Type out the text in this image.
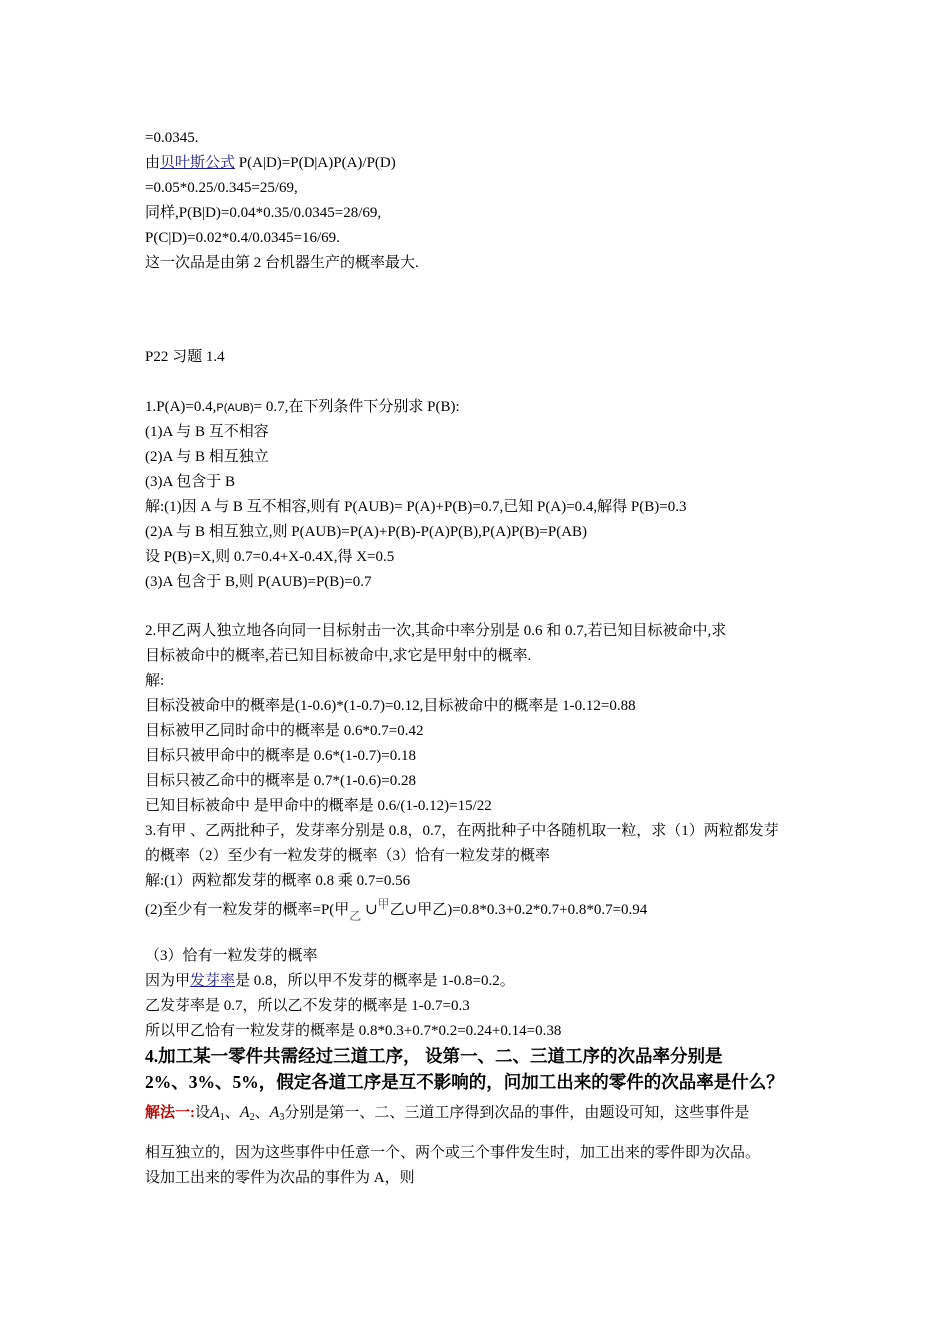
=0.0345.
由贝叶斯公式 P(A|D)=P(D|A)P(A)/P(D)
=0.05*0.25/0.345=25/69,
同样,P(B|D)=0.04*0.35/0.0345=28/69,
P(C|D)=0.02*0.4/0.0345=16/69.
这一次品是由第 2 台机器生产的概率最大.
P22 习题 1.4
1.P(A)=0.4,P(AUB)= 0.7,在下列条件下分别求 P(B):
(1)A 与 B 互不相容
(2)A 与 B 相互独立
(3)A 包含于 B
解:(1)因 A 与 B 互不相容,则有 P(AUB)= P(A)+P(B)=0.7,已知 P(A)=0.4,解得 P(B)=0.3
(2)A 与 B 相互独立,则 P(AUB)=P(A)+P(B)-P(A)P(B),P(A)P(B)=P(AB)
设 P(B)=X,则 0.7=0.4+X-0.4X,得 X=0.5
(3)A 包含于 B,则 P(AUB)=P(B)=0.7
2.甲乙两人独立地各向同一目标射击一次,其命中率分别是 0.6 和 0.7,若已知目标被命中,求
目标被命中的概率,若已知目标被命中,求它是甲射中的概率.
解:
目标没被命中的概率是(1-0.6)*(1-0.7)=0.12,目标被命中的概率是 1-0.12=0.88
目标被甲乙同时命中的概率是 0.6*0.7=0.42
目标只被甲命中的概率是 0.6*(1-0.7)=0.18
目标只被乙命中的概率是 0.7*(1-0.6)=0.28
已知目标被命中 是甲命中的概率是 0.6/(1-0.12)=15/22
3.有甲 、乙两批种子，发芽率分别是 0.8，0.7，在两批种子中各随机取一粒，求（1）两粒都发芽
的概率（2）至少有一粒发芽的概率（3）恰有一粒发芽的概率
解:(1）两粒都发芽的概率 0.8 乘 0.7=0.56
(2)至少有一粒发芽的概率=P(甲乙 ∪甲乙∪甲乙)=0.8*0.3+0.2*0.7+0.8*0.7=0.94
（3）恰有一粒发芽的概率
因为甲发芽率是 0.8，所以甲不发芽的概率是 1-0.8=0.2。
乙发芽率是 0.7，所以乙不发芽的概率是 1-0.7=0.3
所以甲乙恰有一粒发芽的概率是 0.8*0.3+0.7*0.2=0.24+0.14=0.38
4.加工某一零件共需经过三道工序， 设第一、二、三道工序的次品率分别是
2%、3%、5%，假定各道工序是互不影响的，问加工出来的零件的次品率是什么？
解法一:设$A_1$、$A_2$、$A_3$分别是第一、二、三道工序得到次品的事件，由题设可知，这些事件是
相互独立的，因为这些事件中任意一个、两个或三个事件发生时，加工出来的零件即为次品。
设加工出来的零件为次品的事件为 A，则
